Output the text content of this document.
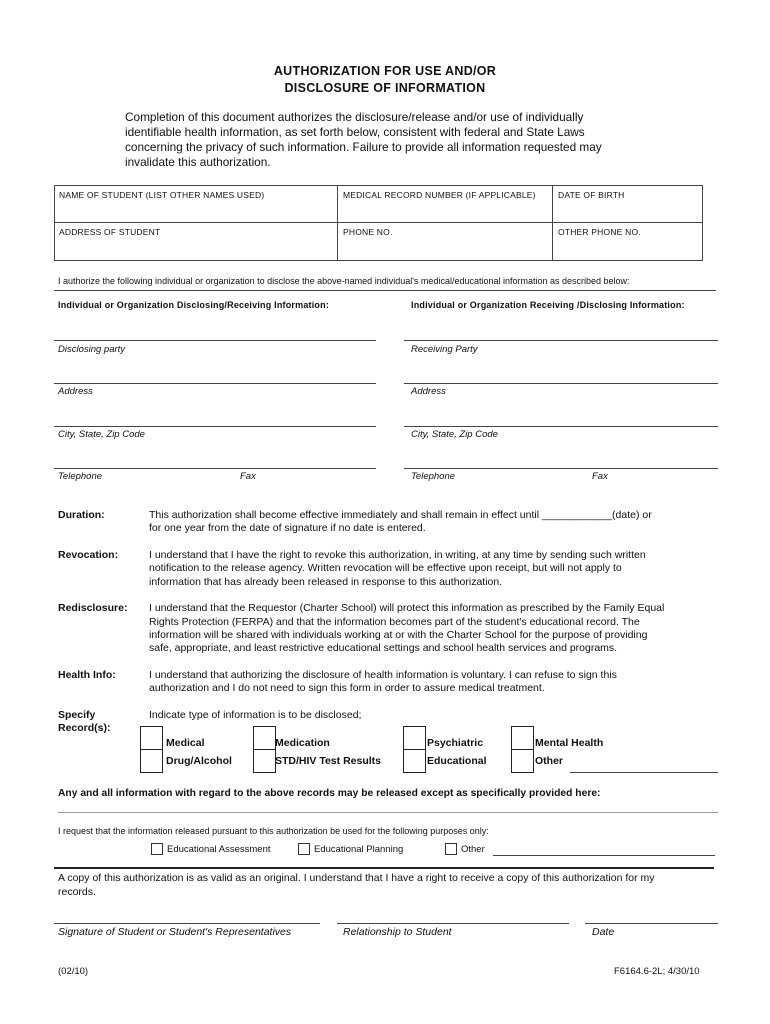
AUTHORIZATION FOR USE AND/OR
DISCLOSURE OF INFORMATION
Completion of this document authorizes the disclosure/release and/or use of individually
identifiable health information, as set forth below, consistent with federal and State Laws
concerning the privacy of such information. Failure to provide all information requested may
invalidate this authorization.
NAME OF STUDENT (LIST OTHER NAMES USED)	MEDICAL RECORD NUMBER (IF APPLICABLE)	DATE OF BIRTH
ADDRESS OF STUDENT	PHONE NO.	OTHER PHONE NO.
I authorize the following individual or organization to disclose the above-named individual's medical/educational information as described below:
Individual or Organization Disclosing/Receiving Information:	Individual or Organization Receiving /Disclosing Information:
Disclosing party
Address
City, State, Zip Code
Telephone	Fax
Receiving Party
Address
City, State, Zip Code
Telephone	Fax
Duration:	This authorization shall become effective immediately and shall remain in effect until ____________(date) or
for one year from the date of signature if no date is entered.
Revocation:	I understand that I have the right to revoke this authorization, in writing, at any time by sending such written
notification to the release agency. Written revocation will be effective upon receipt, but will not apply to
information that has already been released in response to this authorization.
Redisclosure: I understand that the Requestor (Charter School) will protect this information as prescribed by the Family Equal
Rights Protection (FERPA) and that the information becomes part of the student's educational record. The
information will be shared with individuals working at or with the Charter School for the purpose of providing
safe, appropriate, and least restrictive educational settings and school health services and programs.
Health Info:	I understand that authorizing the disclosure of health information is voluntary. I can refuse to sign this
authorization and I do not need to sign this form in order to assure medical treatment.
Specify
Record(s):
Indicate type of information is to be disclosed;
Medical
Drug/Alcohol
Medication
STD/HIV Test Results
Psychiatric
Educational
Mental Health
Other
Any and all information with regard to the above records may be released except as specifically provided here:
I request that the information released pursuant to this authorization be used for the following purposes only:
Educational Assessment	Educational Planning	Other
A copy of this authorization is as valid as an original. I understand that I have a right to receive a copy of this authorization for my
records.
Signature of Student or Student's Representatives	Relationship to Student	Date
(02/10)	F6164.6-2L; 4/30/10
